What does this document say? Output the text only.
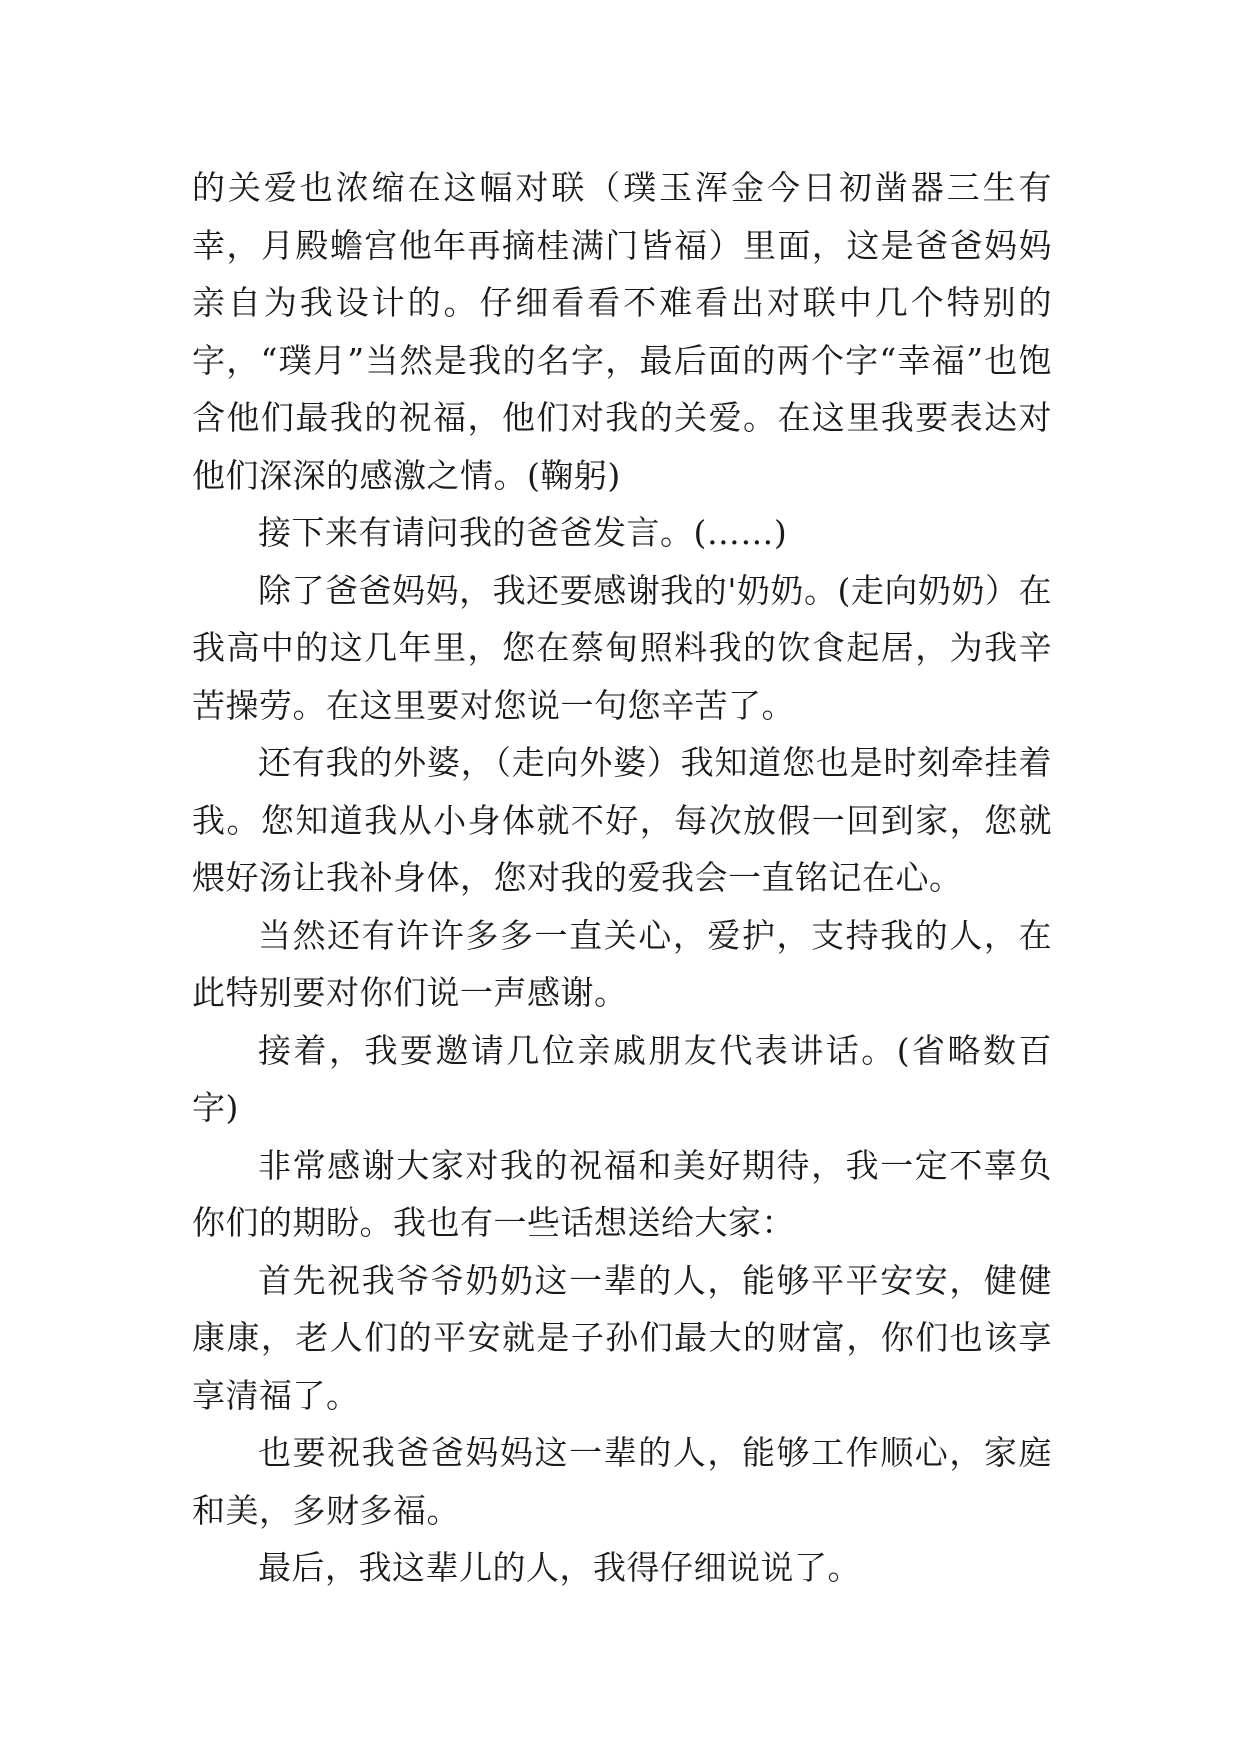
的关爱也浓缩在这幅对联（璞玉浑金今日初凿器三生有幸，月殿蟾宫他年再摘桂满门皆福）里面，这是爸爸妈妈亲自为我设计的。仔细看看不难看出对联中几个特别的字，“璞月”当然是我的名字，最后面的两个字“幸福”也饱含他们最我的祝福，他们对我的关爱。在这里我要表达对他们深深的感激之情。(鞠躬)

接下来有请问我的爸爸发言。(……)

除了爸爸妈妈，我还要感谢我的'奶奶。(走向奶奶）在我高中的这几年里，您在蔡甸照料我的饮食起居，为我辛苦操劳。在这里要对您说一句您辛苦了。

还有我的外婆，（走向外婆）我知道您也是时刻牵挂着我。您知道我从小身体就不好，每次放假一回到家，您就煨好汤让我补身体，您对我的爱我会一直铭记在心。

当然还有许许多多一直关心，爱护，支持我的人，在此特别要对你们说一声感谢。

接着，我要邀请几位亲戚朋友代表讲话。(省略数百字)

非常感谢大家对我的祝福和美好期待，我一定不辜负你们的期盼。我也有一些话想送给大家：

首先祝我爷爷奶奶这一辈的人，能够平平安安，健健康康，老人们的平安就是子孙们最大的财富，你们也该享享清福了。

也要祝我爸爸妈妈这一辈的人，能够工作顺心，家庭和美，多财多福。

最后，我这辈儿的人，我得仔细说说了。
